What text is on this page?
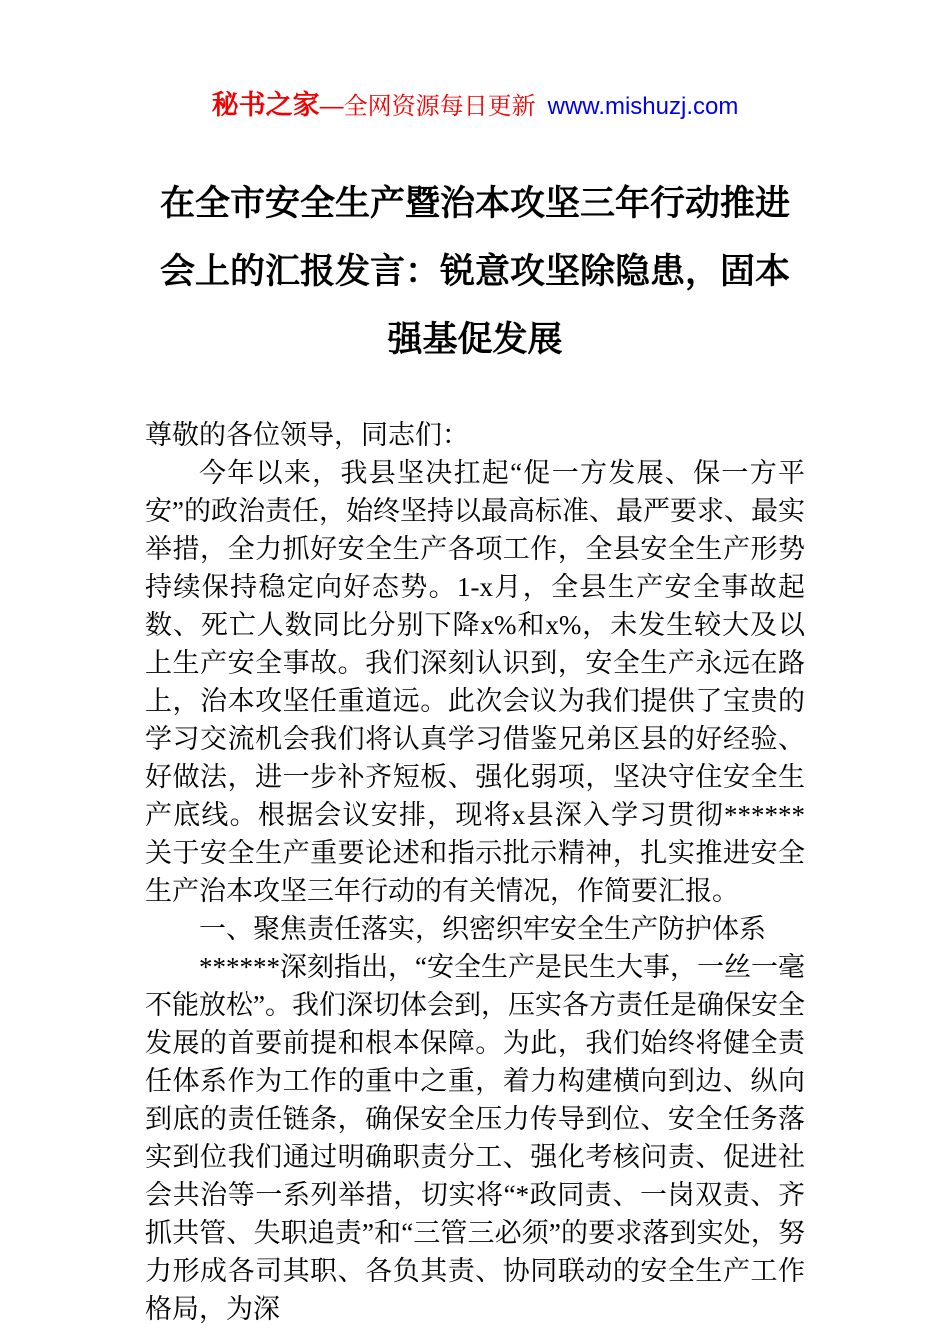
秘书之家—全网资源每日更新 www.mishuzj.com
在全市安全生产暨治本攻坚三年行动推进会上的汇报发言：锐意攻坚除隐患，固本强基促发展

尊敬的各位领导，同志们：

今年以来，我县坚决扛起“促一方发展、保一方平安”的政治责任，始终坚持以最高标准、最严要求、最实举措，全力抓好安全生产各项工作，全县安全生产形势持续保持稳定向好态势。1-x月，全县生产安全事故起数、死亡人数同比分别下降x%和x%，未发生较大及以上生产安全事故。我们深刻认识到，安全生产永远在路上，治本攻坚任重道远。此次会议为我们提供了宝贵的学习交流机会我们将认真学习借鉴兄弟区县的好经验、好做法，进一步补齐短板、强化弱项，坚决守住安全生产底线。根据会议安排，现将x县深入学习贯彻******关于安全生产重要论述和指示批示精神，扎实推进安全生产治本攻坚三年行动的有关情况，作简要汇报。

一、聚焦责任落实，织密织牢安全生产防护体系

******深刻指出，“安全生产是民生大事，一丝一毫不能放松”。我们深切体会到，压实各方责任是确保安全发展的首要前提和根本保障。为此，我们始终将健全责任体系作为工作的重中之重，着力构建横向到边、纵向到底的责任链条，确保安全压力传导到位、安全任务落实到位我们通过明确职责分工、强化考核问责、促进社会共治等一系列举措，切实将“*政同责、一岗双责、齐抓共管、失职追责”和“三管三必须”的要求落到实处，努力形成各司其职、各负其责、协同联动的安全生产工作格局，为深
